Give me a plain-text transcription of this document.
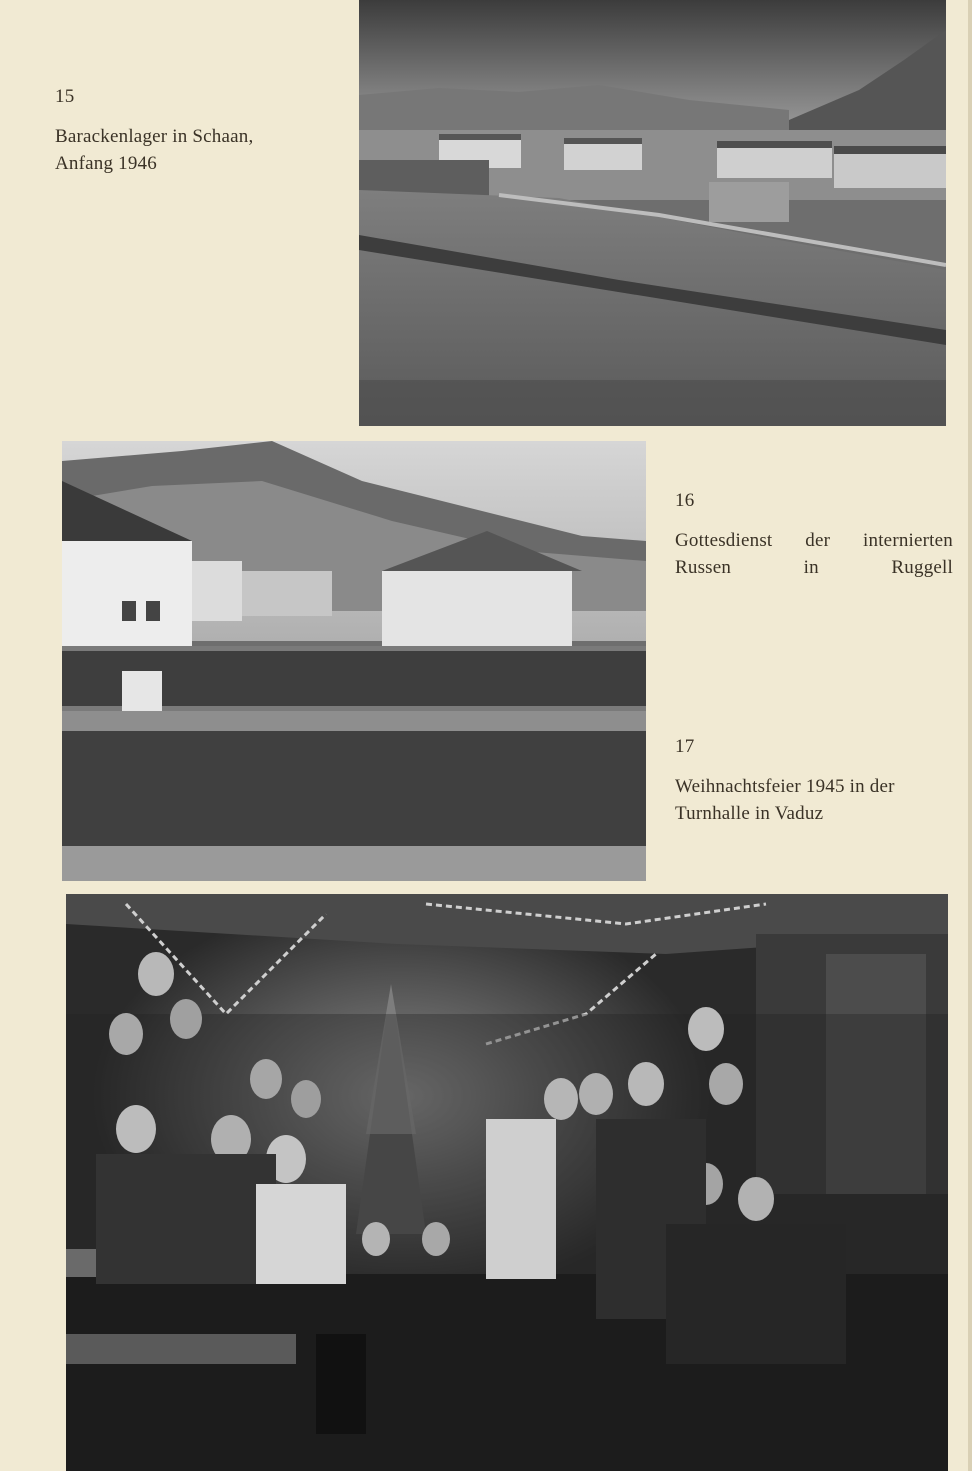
15
Barackenlager in Schaan,
Anfang 1946
16
Gottesdienst der internierten Russen in Ruggell
17
Weihnachtsfeier 1945 in der Turnhalle in Vaduz
